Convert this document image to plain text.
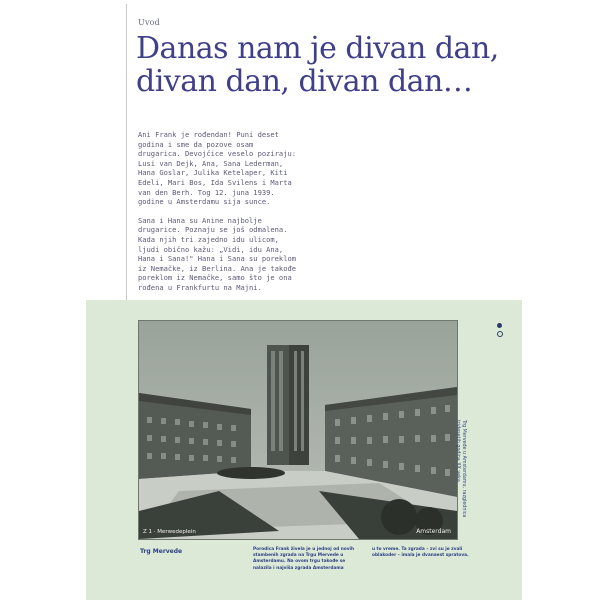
Uvod
Danas nam je divan dan,
divan dan, divan dan…

Ani Frank je rođendan! Puni deset godina i sme da pozove osam drugarica. Devojčice veselo poziraju: Lusi van Dejk, Ana, Sana Lederman, Hana Goslar, Julika Ketelaper, Kiti Edeli, Mari Bos, Ida Svilens i Marta van den Berh. Tog 12. juna 1939. godine u Amsterdamu sija sunce.

Sana i Hana su Anine najbolje drugarice. Poznaju se još odmalena. Kada njih tri zajedno idu ulicom, ljudi obično kažu: „Vidi, idu Ana, Hana i Sana!" Hana i Sana su poreklom iz Nemačke, iz Berlina. Ana je takođe poreklom iz Nemačke, samo što je ona rođena u Frankfurtu na Majni.

Z 1 · Merwedeplein	Amsterdam
Trg Mervede u Amsterdamu, razglednica
tridesetih godina XX veka
Trg Mervede	Porodica Frank živela je u jednoj od novih
stambenih zgrada na Trgu Mervede u
Amsterdamu. Na ovom trgu takođe se
nalazila i najviša zgrada Amsterdama
u to vreme. Ta zgrada – zvi su je zvali
oblakoder – imala je dvanaest spratova.
